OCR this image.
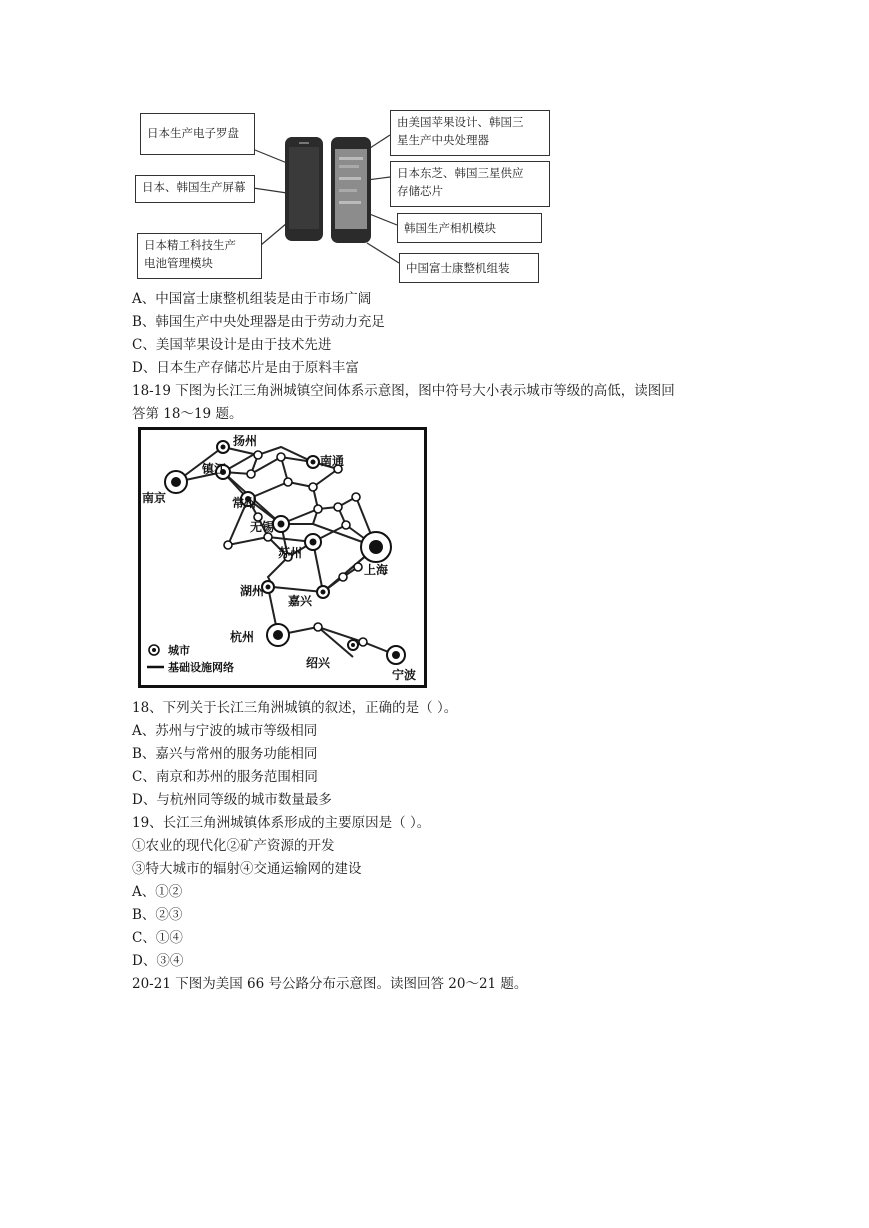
日本生产电子罗盘
日本、韩国生产屏幕
日本精工科技生产
电池管理模块
由美国苹果设计、韩国三
星生产中央处理器
日本东芝、韩国三星供应
存储芯片
韩国生产相机模块
中国富士康整机组装
A、中国富士康整机组装是由于市场广阔
B、韩国生产中央处理器是由于劳动力充足
C、美国苹果设计是由于技术先进
D、日本生产存储芯片是由于原料丰富
18-19 下图为长江三角洲城镇空间体系示意图，图中符号大小表示城市等级的高低，读图回
答第 18～19 题。
扬州
南通
镇江
南京	常州
无锡
苏州
上海
湖州
嘉兴
杭州
绍兴
宁波
城市
基础设施网络
18、下列关于长江三角洲城镇的叙述，正确的是（ ）。
A、苏州与宁波的城市等级相同
B、嘉兴与常州的服务功能相同
C、南京和苏州的服务范围相同
D、与杭州同等级的城市数量最多
19、长江三角洲城镇体系形成的主要原因是（ ）。
①农业的现代化②矿产资源的开发
③特大城市的辐射④交通运输网的建设
A、①②
B、②③
C、①④
D、③④
20-21 下图为美国 66 号公路分布示意图。读图回答 20～21 题。
